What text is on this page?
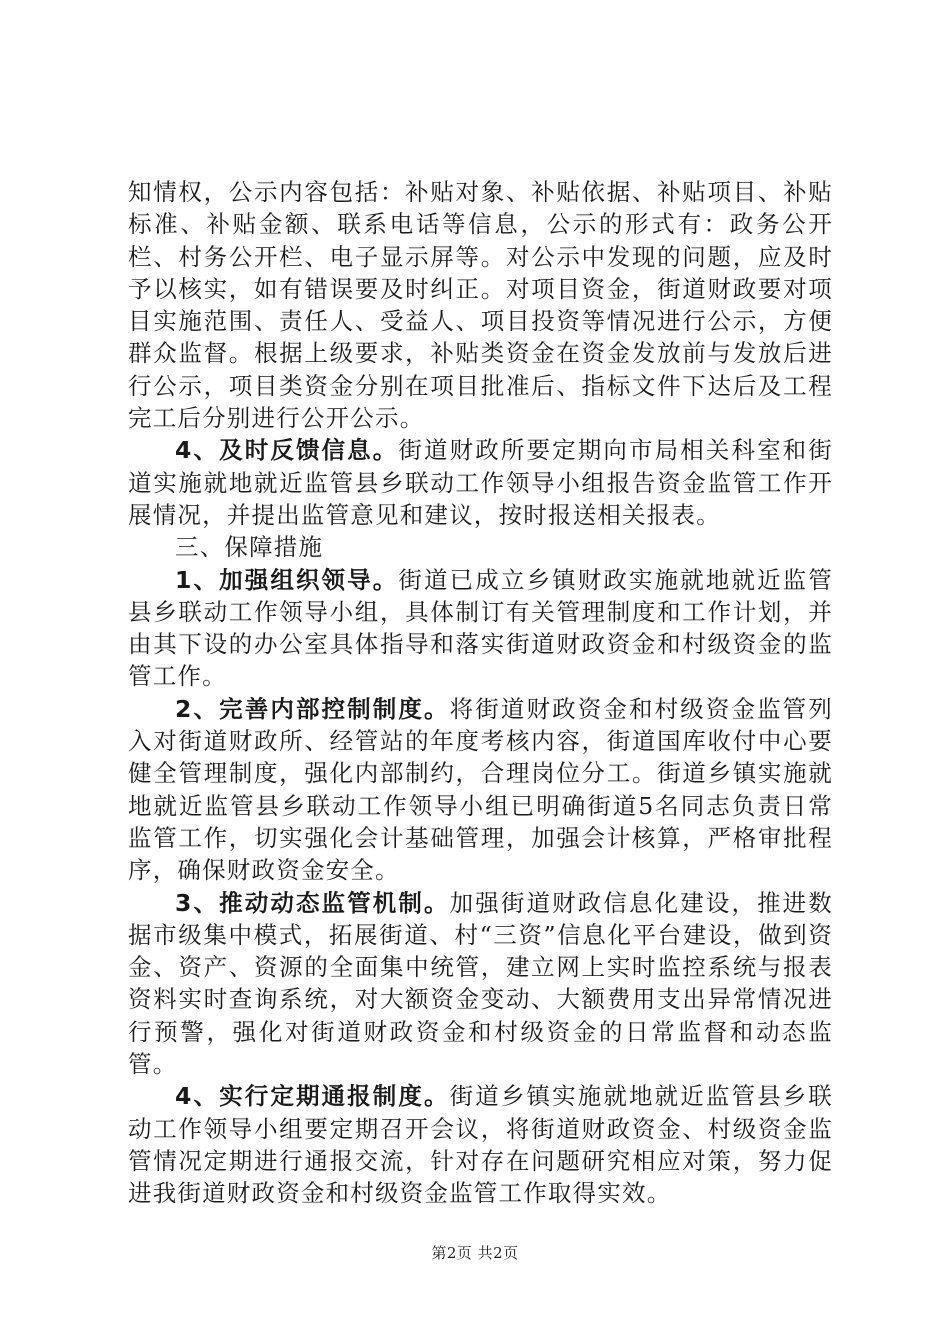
知情权，公示内容包括：补贴对象、补贴依据、补贴项目、补贴标准、补贴金额、联系电话等信息，公示的形式有：政务公开栏、村务公开栏、电子显示屏等。对公示中发现的问题，应及时予以核实，如有错误要及时纠正。对项目资金，街道财政要对项目实施范围、责任人、受益人、项目投资等情况进行公示，方便群众监督。根据上级要求，补贴类资金在资金发放前与发放后进行公示，项目类资金分别在项目批准后、指标文件下达后及工程完工后分别进行公开公示。

4、及时反馈信息。街道财政所要定期向市局相关科室和街道实施就地就近监管县乡联动工作领导小组报告资金监管工作开展情况，并提出监管意见和建议，按时报送相关报表。

三、保障措施

1、加强组织领导。街道已成立乡镇财政实施就地就近监管县乡联动工作领导小组，具体制订有关管理制度和工作计划，并由其下设的办公室具体指导和落实街道财政资金和村级资金的监管工作。

2、完善内部控制制度。将街道财政资金和村级资金监管列入对街道财政所、经管站的年度考核内容，街道国库收付中心要健全管理制度，强化内部制约，合理岗位分工。街道乡镇实施就地就近监管县乡联动工作领导小组已明确街道5名同志负责日常监管工作，切实强化会计基础管理，加强会计核算，严格审批程序，确保财政资金安全。

3、推动动态监管机制。加强街道财政信息化建设，推进数据市级集中模式，拓展街道、村“三资”信息化平台建设，做到资金、资产、资源的全面集中统管，建立网上实时监控系统与报表资料实时查询系统，对大额资金变动、大额费用支出异常情况进行预警，强化对街道财政资金和村级资金的日常监督和动态监管。

4、实行定期通报制度。街道乡镇实施就地就近监管县乡联动工作领导小组要定期召开会议，将街道财政资金、村级资金监管情况定期进行通报交流，针对存在问题研究相应对策，努力促进我街道财政资金和村级资金监管工作取得实效。

第2页 共2页
